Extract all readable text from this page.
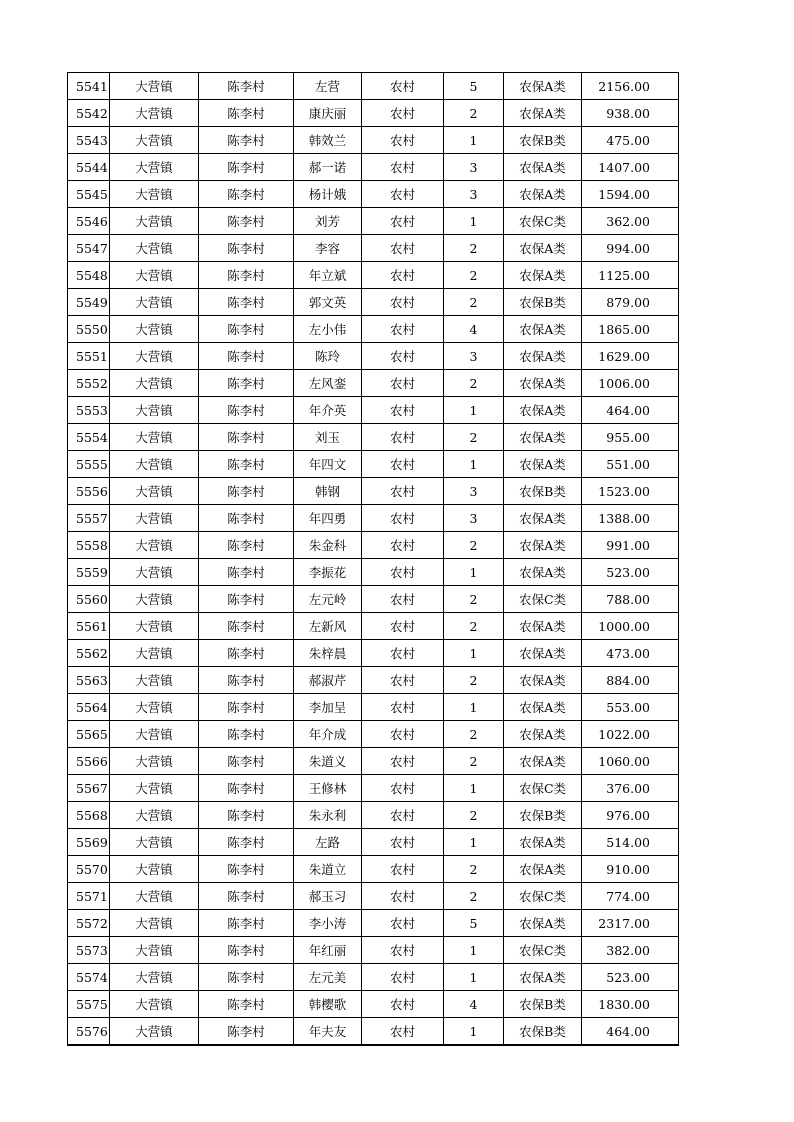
5541	大营镇	陈李村	左营	农村	5	农保A类	2156.00
5542	大营镇	陈李村	康庆丽	农村	2	农保A类	938.00
5543	大营镇	陈李村	韩效兰	农村	1	农保B类	475.00
5544	大营镇	陈李村	郝一诺	农村	3	农保A类	1407.00
5545	大营镇	陈李村	杨计娥	农村	3	农保A类	1594.00
5546	大营镇	陈李村	刘芳	农村	1	农保C类	362.00
5547	大营镇	陈李村	李容	农村	2	农保A类	994.00
5548	大营镇	陈李村	年立斌	农村	2	农保A类	1125.00
5549	大营镇	陈李村	郭文英	农村	2	农保B类	879.00
5550	大营镇	陈李村	左小伟	农村	4	农保A类	1865.00
5551	大营镇	陈李村	陈玲	农村	3	农保A类	1629.00
5552	大营镇	陈李村	左风銮	农村	2	农保A类	1006.00
5553	大营镇	陈李村	年介英	农村	1	农保A类	464.00
5554	大营镇	陈李村	刘玉	农村	2	农保A类	955.00
5555	大营镇	陈李村	年四文	农村	1	农保A类	551.00
5556	大营镇	陈李村	韩钢	农村	3	农保B类	1523.00
5557	大营镇	陈李村	年四勇	农村	3	农保A类	1388.00
5558	大营镇	陈李村	朱金科	农村	2	农保A类	991.00
5559	大营镇	陈李村	李振花	农村	1	农保A类	523.00
5560	大营镇	陈李村	左元岭	农村	2	农保C类	788.00
5561	大营镇	陈李村	左新风	农村	2	农保A类	1000.00
5562	大营镇	陈李村	朱梓晨	农村	1	农保A类	473.00
5563	大营镇	陈李村	郝淑芹	农村	2	农保A类	884.00
5564	大营镇	陈李村	李加呈	农村	1	农保A类	553.00
5565	大营镇	陈李村	年介成	农村	2	农保A类	1022.00
5566	大营镇	陈李村	朱道义	农村	2	农保A类	1060.00
5567	大营镇	陈李村	王修林	农村	1	农保C类	376.00
5568	大营镇	陈李村	朱永利	农村	2	农保B类	976.00
5569	大营镇	陈李村	左路	农村	1	农保A类	514.00
5570	大营镇	陈李村	朱道立	农村	2	农保A类	910.00
5571	大营镇	陈李村	郝玉习	农村	2	农保C类	774.00
5572	大营镇	陈李村	李小涛	农村	5	农保A类	2317.00
5573	大营镇	陈李村	年红丽	农村	1	农保C类	382.00
5574	大营镇	陈李村	左元美	农村	1	农保A类	523.00
5575	大营镇	陈李村	韩樱歌	农村	4	农保B类	1830.00
5576	大营镇	陈李村	年夫友	农村	1	农保B类	464.00
